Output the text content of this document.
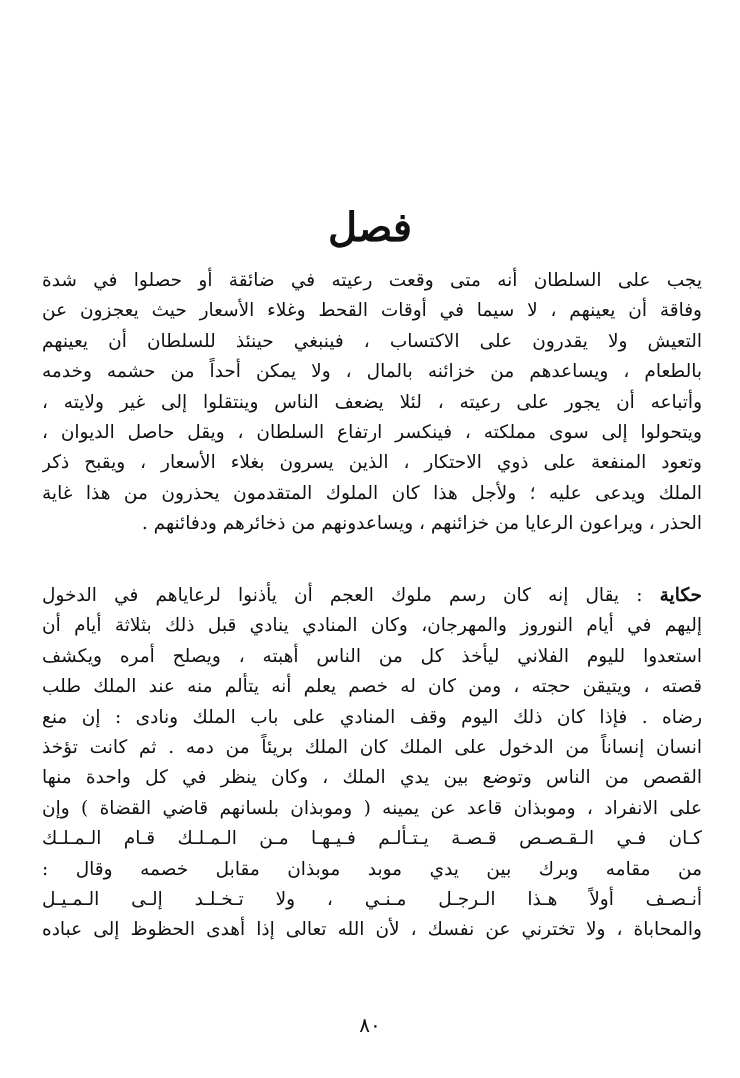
فصل
يجب على السلطان أنه متى وقعت رعيته في ضائقة أو حصلوا في شدة
وفاقة أن يعينهم ، لا سيما في أوقات القحط وغلاء الأسعار حيث يعجزون عن
التعيش ولا يقدرون على الاكتساب ، فينبغي حينئذ للسلطان أن يعينهم
بالطعام ، ويساعدهم من خزائنه بالمال ، ولا يمكن أحداً من حشمه وخدمه
وأتباعه أن يجور على رعيته ، لئلا يضعف الناس وينتقلوا إلى غير ولايته ،
ويتحولوا إلى سوى مملكته ، فينكسر ارتفاع السلطان ، ويقل حاصل الديوان ،
وتعود المنفعة على ذوي الاحتكار ، الذين يسرون بغلاء الأسعار ، ويقبح ذكر
الملك ويدعى عليه ؛ ولأجل هذا كان الملوك المتقدمون يحذرون من هذا غاية
الحذر ، ويراعون الرعايا من خزائنهم ، ويساعدونهم من ذخائرهم ودفائنهم .
حكاية : يقال إنه كان رسم ملوك العجم أن يأذنوا لرعاياهم في الدخول
إليهم في أيام النوروز والمهرجان، وكان المنادي ينادي قبل ذلك بثلاثة أيام أن
استعدوا لليوم الفلاني ليأخذ كل من الناس أهبته ، ويصلح أمره ويكشف
قصته ، ويتيقن حجته ، ومن كان له خصم يعلم أنه يتألم منه عند الملك طلب
رضاه . فإذا كان ذلك اليوم وقف المنادي على باب الملك ونادى : إن منع
انسان إنساناً من الدخول على الملك كان الملك بريئاً من دمه . ثم كانت تؤخذ
القصص من الناس وتوضع بين يدي الملك ، وكان ينظر في كل واحدة منها
على الانفراد ، وموبذان قاعد عن يمينه ( وموبذان بلسانهم قاضي القضاة ) وإن
كـان فـي الـقـصـص قـصـة يـتـألـم فـيـهـا مـن الـمـلـك قـام الـمـلـك
من مقامه وبرك بين يدي موبد موبذان مقابل خصمه وقال :
أنـصـف أولاً هـذا الـرجـل مـنـي ، ولا تـخـلـد إلـى الـمـيـل
والمحاباة ، ولا تخترني عن نفسك ، لأن الله تعالى إذا أهدى الحظوظ إلى عباده
٨٠
